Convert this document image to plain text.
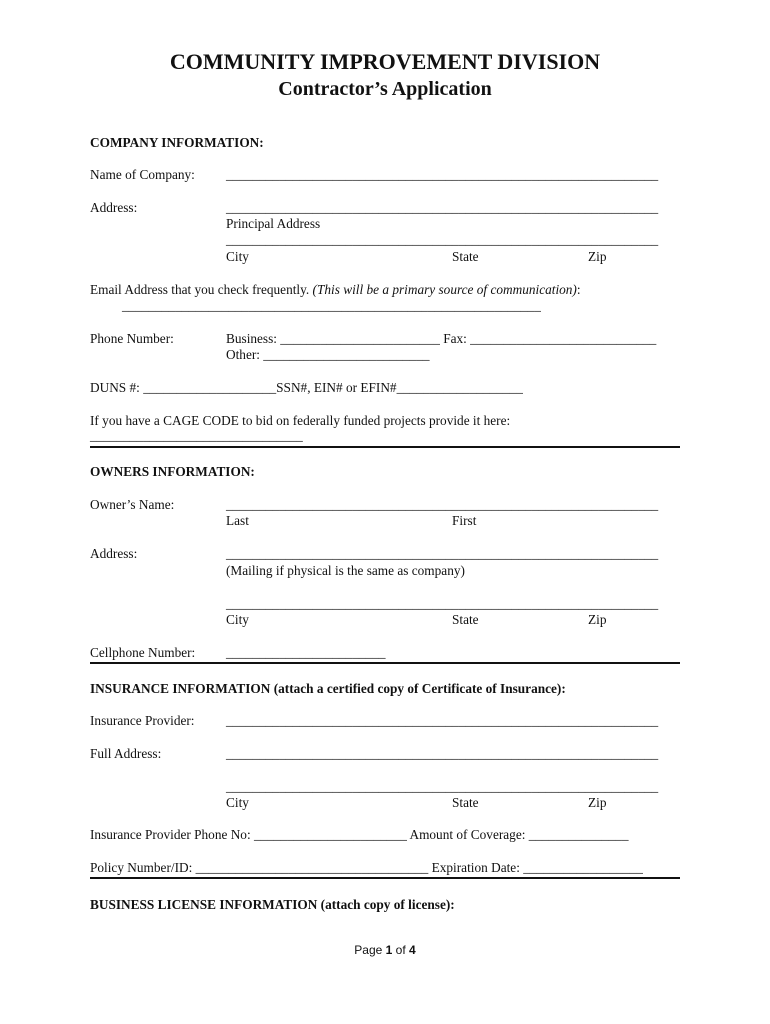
COMMUNITY IMPROVEMENT DIVISION
Contractor’s Application
COMPANY INFORMATION:
Name of Company: _________________________________________________________________
Address:	_________________________________________________________________
Principal Address
_________________________________________________________________
City	State	Zip
Email Address that you check frequently. (This will be a primary source of communication):
_______________________________________________________________
Phone Number:	Business: ________________________ Fax: ____________________________
Other: _________________________
DUNS #: ____________________SSN#, EIN# or EFIN#___________________
If you have a CAGE CODE to bid on federally funded projects provide it here:
________________________________
OWNERS INFORMATION:
Owner’s Name:	_________________________________________________________________
Last	First
Address:	_________________________________________________________________
(Mailing if physical is the same as company)
_________________________________________________________________
City	State	Zip
Cellphone Number: ________________________
INSURANCE INFORMATION (attach a certified copy of Certificate of Insurance):
Insurance Provider: _________________________________________________________________
Full Address:	_________________________________________________________________
_________________________________________________________________
City	State	Zip
Insurance Provider Phone No: _______________________ Amount of Coverage: _______________
Policy Number/ID: ___________________________________ Expiration Date: __________________
BUSINESS LICENSE INFORMATION (attach copy of license):
Page 1 of 4
